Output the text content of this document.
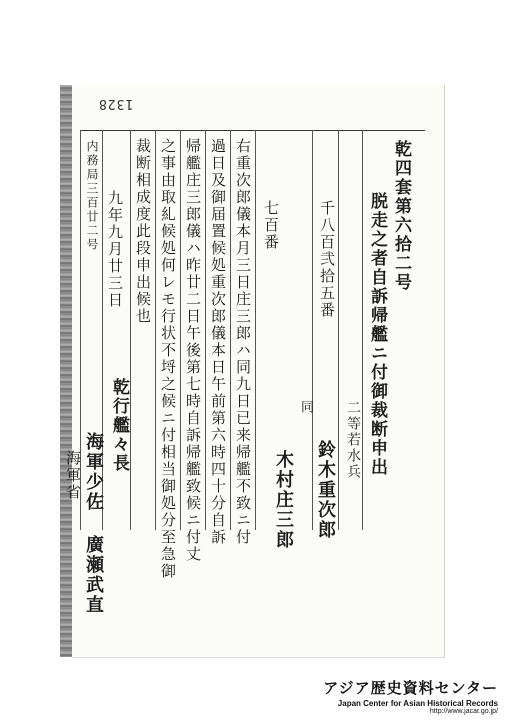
1328
乾四套第六拾二号
脱走之者自訴帰艦ニ付御裁断申出
二等若水兵
千八百弐拾五番
鈴木重次郎
同
木村庄三郎
七百番
右重次郎儀本月三日庄三郎ハ同九日已来帰艦不致ニ付
過日及御届置候処重次郎儀本日午前第六時四十分自訴
帰艦庄三郎儀ハ昨廿二日午後第七時自訴帰艦致候ニ付丈
之事由取糺候処何レモ行状不埒之候ニ付相当御処分至急御
裁断相成度此段申出候也
九年九月廿三日
乾行艦々長
海軍少佐 廣瀬武直
海軍省
内務局三百廿二号
アジア歴史資料センター
Japan Center for Asian Historical Records
http://www.jacar.go.jp/
